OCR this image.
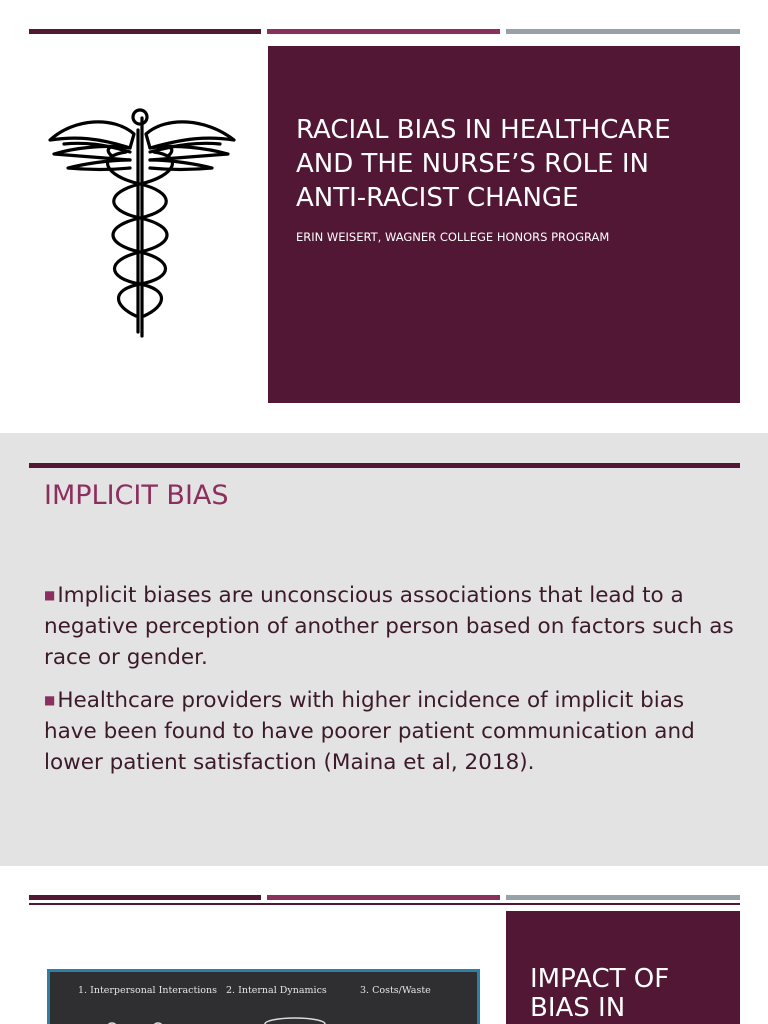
RACIAL BIAS IN HEALTHCARE AND THE NURSE’S ROLE IN ANTI-RACIST CHANGE
ERIN WEISERT, WAGNER COLLEGE HONORS PROGRAM
IMPLICIT BIAS

■Implicit biases are unconscious associations that lead to a negative perception of another person based on factors such as race or gender.

■Healthcare providers with higher incidence of implicit bias have been found to have poorer patient communication and lower patient satisfaction (Maina et al, 2018).

1. Interpersonal Interactions 2. Internal Dynamics	3. Costs/Waste	IMPACT OF BIAS IN
